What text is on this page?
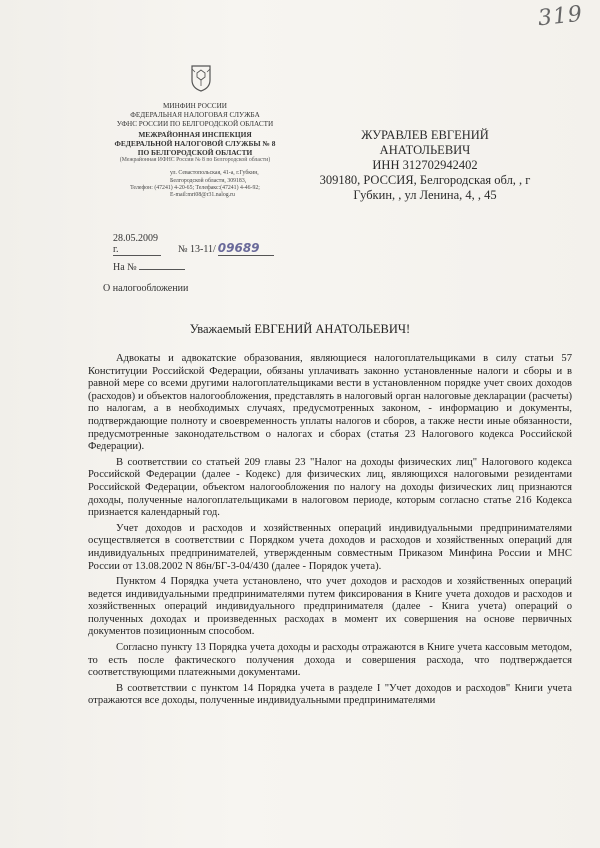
319
МИНФИН РОССИИ
ФЕДЕРАЛЬНАЯ НАЛОГОВАЯ СЛУЖБА
УФНС РОССИИ ПО БЕЛГОРОДСКОЙ ОБЛАСТИ
МЕЖРАЙОННАЯ ИНСПЕКЦИЯ
ФЕДЕРАЛЬНОЙ НАЛОГОВОЙ СЛУЖБЫ № 8
ПО БЕЛГОРОДСКОЙ ОБЛАСТИ
(Межрайонная ИФНС России № 8 по Белгородской области)
ул. Севастопольская, 41-а, г.Губкин,
Белгородской области, 309183,
Телефон: (47241) 4-20-65; Телефакс:(47241) 4-46-92;
E-mail:mri08@r31.nalog.ru
ЖУРАВЛЕВ ЕВГЕНИЙ
АНАТОЛЬЕВИЧ
ИНН 312702942402
309180, РОССИЯ, Белгородская обл, , г
Губкин, , ул Ленина, 4, , 45
28.05.2009 г.	№ 13-11/ 09689
На №
О налогообложении
Уважаемый ЕВГЕНИЙ АНАТОЛЬЕВИЧ!

Адвокаты и адвокатские образования, являющиеся налогоплательщиками в силу статьи 57 Конституции Российской Федерации, обязаны уплачивать законно установленные налоги и сборы и в равной мере со всеми другими налогоплательщиками вести в установленном порядке учет своих доходов (расходов) и объектов налогообложения, представлять в налоговый орган налоговые декларации (расчеты) по налогам, а в необходимых случаях, предусмотренных законом, - информацию и документы, подтверждающие полноту и своевременность уплаты налогов и сборов, а также нести иные обязанности, предусмотренные законодательством о налогах и сборах (статья 23 Налогового кодекса Российской Федерации).

В соответствии со статьей 209 главы 23 "Налог на доходы физических лиц" Налогового кодекса Российской Федерации (далее - Кодекс) для физических лиц, являющихся налоговыми резидентами Российской Федерации, объектом налогообложения по налогу на доходы физических лиц признаются доходы, полученные налогоплательщиками в налоговом периоде, которым согласно статье 216 Кодекса признается календарный год.

Учет доходов и расходов и хозяйственных операций индивидуальными предпринимателями осуществляется в соответствии с Порядком учета доходов и расходов и хозяйственных операций для индивидуальных предпринимателей, утвержденным совместным Приказом Минфина России и МНС России от 13.08.2002 N 86н/БГ-3-04/430 (далее - Порядок учета).

Пунктом 4 Порядка учета установлено, что учет доходов и расходов и хозяйственных операций ведется индивидуальными предпринимателями путем фиксирования в Книге учета доходов и расходов и хозяйственных операций индивидуального предпринимателя (далее - Книга учета) операций о полученных доходах и произведенных расходах в момент их совершения на основе первичных документов позиционным способом.

Согласно пункту 13 Порядка учета доходы и расходы отражаются в Книге учета кассовым методом, то есть после фактического получения дохода и совершения расхода, что подтверждается соответствующими платежными документами.

В соответствии с пунктом 14 Порядка учета в разделе I "Учет доходов и расходов" Книги учета отражаются все доходы, полученные индивидуальными предпринимателями
